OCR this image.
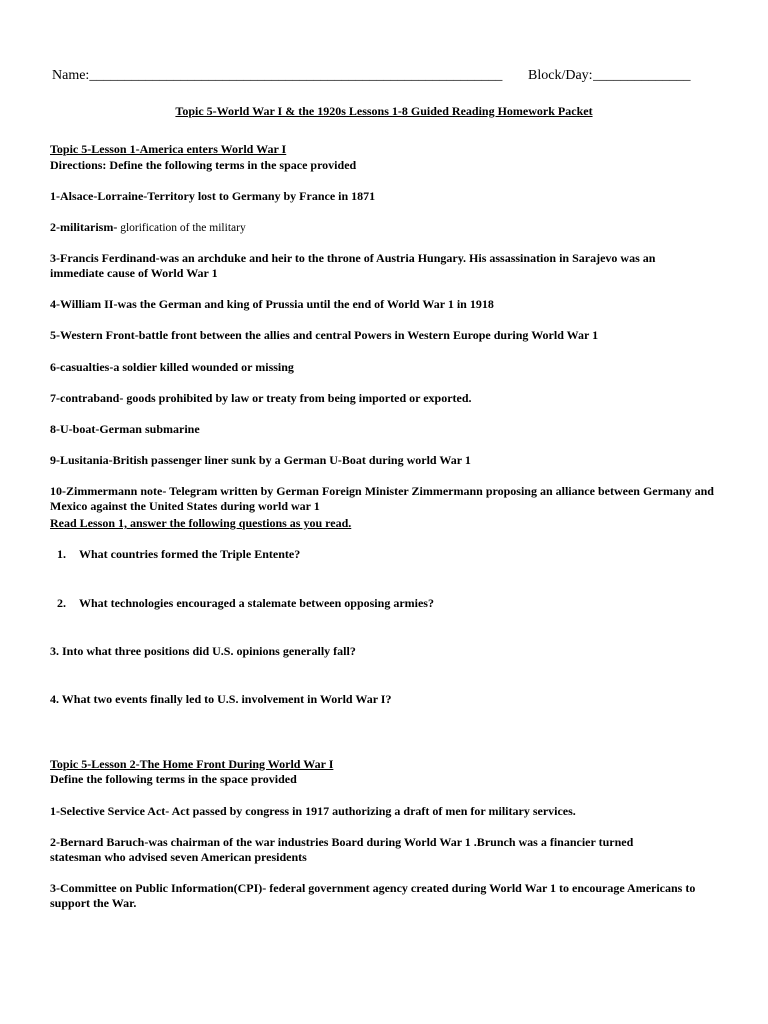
Name:___________________________________________________________	Block/Day:______________
Topic 5-World War I & the 1920s Lessons 1-8 Guided Reading Homework Packet
Topic 5-Lesson 1-America enters World War I
Directions: Define the following terms in the space provided
1-Alsace-Lorraine-Territory lost to Germany by France in 1871
2-militarism- glorification of the military
3-Francis Ferdinand-was an archduke and heir to the throne of Austria Hungary. His assassination in Sarajevo was an immediate cause of World War 1
4-William II-was the German and king of Prussia until the end of World War 1 in 1918
5-Western Front-battle front between the allies and central Powers in Western Europe during World War 1
6-casualties-a soldier killed wounded or missing
7-contraband- goods prohibited by law or treaty from being imported or exported.
8-U-boat-German submarine
9-Lusitania-British passenger liner sunk by a German U-Boat during world War 1
10-Zimmermann note- Telegram written by German Foreign Minister Zimmermann proposing an alliance between Germany and Mexico against the United States during world war 1
Read Lesson 1, answer the following questions as you read.
1. What countries formed the Triple Entente?
2. What technologies encouraged a stalemate between opposing armies?
3. Into what three positions did U.S. opinions generally fall?
4. What two events finally led to U.S. involvement in World War I?
Topic 5-Lesson 2-The Home Front During World War I
Define the following terms in the space provided
1-Selective Service Act- Act passed by congress in 1917 authorizing a draft of men for military services.
2-Bernard Baruch-was chairman of the war industries Board during World War 1 .Brunch was a financier turned statesman who advised seven American presidents
3-Committee on Public Information(CPI)- federal government agency created during World War 1 to encourage Americans to support the War.
